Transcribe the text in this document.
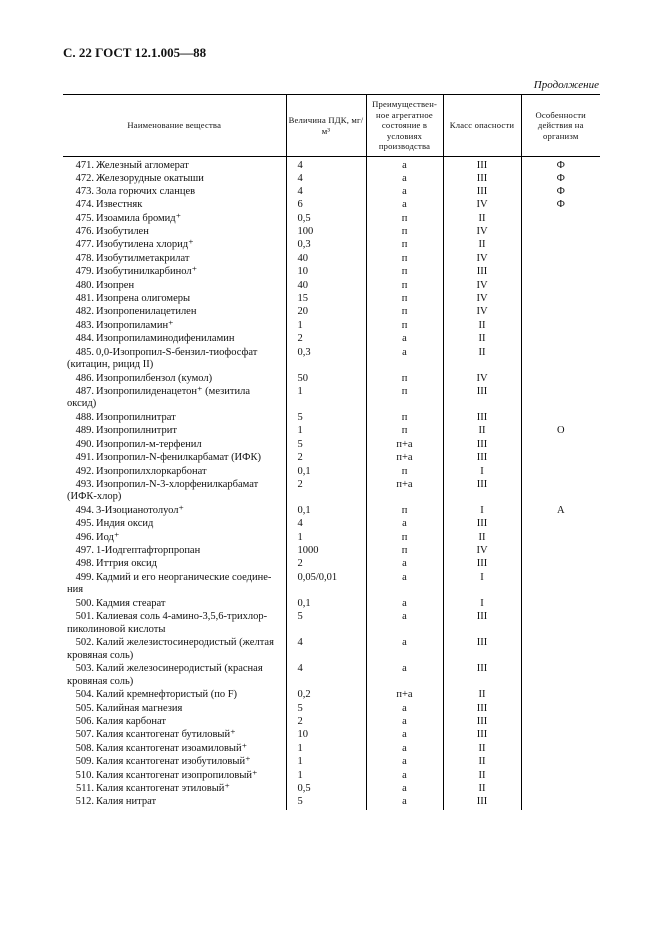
С. 22 ГОСТ 12.1.005—88
Продолжение
Наименование вещества	Величина ПДК, мг/м³	Преимущественное агрегатное состояние в условиях производства	Класс опасности	Особенности действия на организм
471. Железный агломерат	4	а	III	Ф
472. Железорудные окатыши	4	а	III	Ф
473. Зола горючих сланцев	4	а	III	Ф
474. Известняк	6	а	IV	Ф
475. Изоамила бромид⁺	0,5	п	II	
476. Изобутилен	100	п	IV	
477. Изобутилена хлорид⁺	0,3	п	II	
478. Изобутилметакрилат	40	п	IV	
479. Изобутинилкарбинол⁺	10	п	III	
480. Изопрен	40	п	IV	
481. Изопрена олигомеры	15	п	IV	
482. Изопропенилацетилен	20	п	IV	
483. Изопропиламин⁺	1	п	II	
484. Изопропиламинодифениламин	2	а	II	
485. 0,0-Изопропил-S-бензил-тиофосфат
(китацин, рицид II)	0,3	а	II	
486. Изопропилбензол (кумол)	50	п	IV	
487. Изопропилиденацетон⁺ (мезитила
оксид)	1	п	III	
488. Изопропилнитрат	5	п	III	
489. Изопропилнитрит	1	п	II	О
490. Изопропил-м-терфенил	5	п+а	III	
491. Изопропил-N-фенилкарбамат (ИФК)	2	п+а	III	
492. Изопропилхлоркарбонат	0,1	п	I	
493. Изопропил-N-3-хлорфенилкарбамат
(ИФК-хлор)	2	п+а	III	
494. 3-Изоцианотолуол⁺	0,1	п	I	А
495. Индия оксид	4	а	III	
496. Иод⁺	1	п	II	
497. 1-Иодгептафторпропан	1000	п	IV	
498. Иттрия оксид	2	а	III	
499. Кадмий и его неорганические соедине-
ния	0,05/0,01	а	I	
500. Кадмия стеарат	0,1	а	I	
501. Калиевая соль 4-амино-3,5,6-трихлор-
пиколиновой кислоты	5	а	III	
502. Калий железистосинеродистый (желтая
кровяная соль)	4	а	III	
503. Калий железосинеродистый (красная
кровяная соль)	4	а	III	
504. Калий кремнефтористый (по F)	0,2	п+а	II	
505. Калийная магнезия	5	а	III	
506. Калия карбонат	2	а	III	
507. Калия ксантогенат бутиловый⁺	10	а	III	
508. Калия ксантогенат изоамиловый⁺	1	а	II	
509. Калия ксантогенат изобутиловый⁺	1	а	II	
510. Калия ксантогенат изопропиловый⁺	1	а	II	
511. Калия ксантогенат этиловый⁺	0,5	а	II	
512. Калия нитрат	5	а	III	
